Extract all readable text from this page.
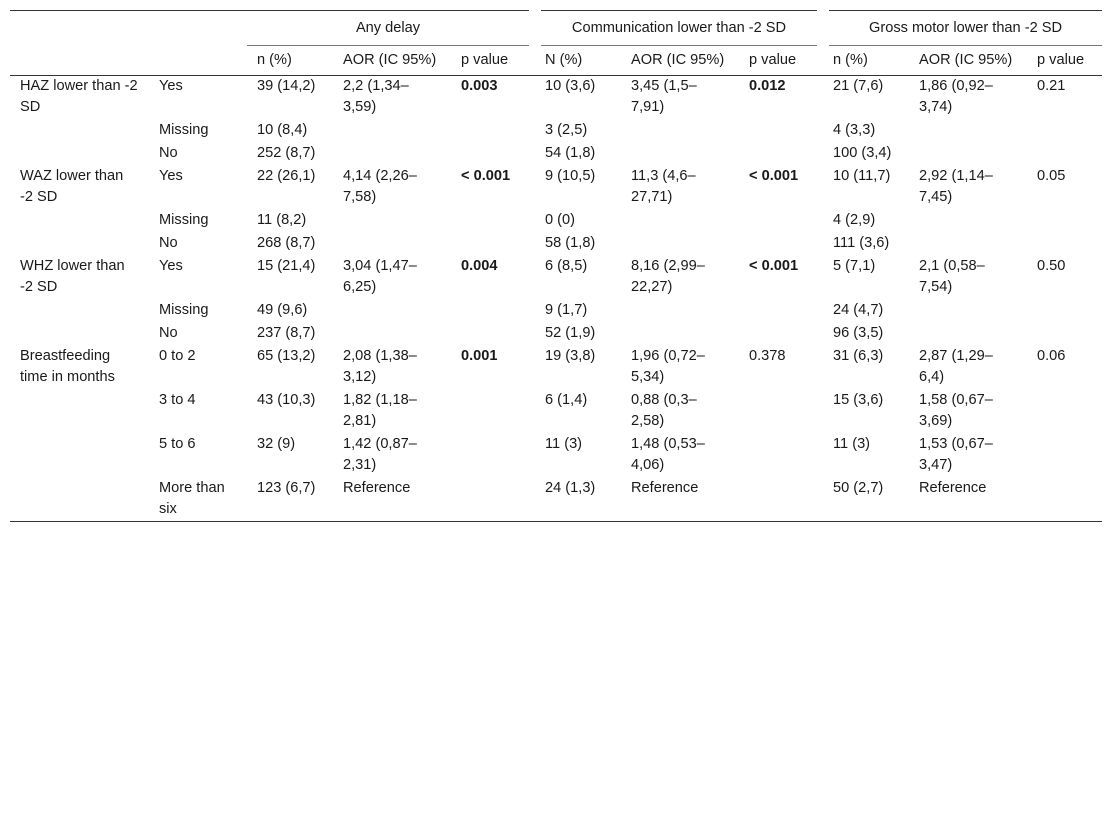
		Any delay			Communication lower than -2 SD			Gross motor lower than -2 SD		
		n (%)	AOR (IC 95%)	p value	N (%)	AOR (IC 95%)	p value	n (%)	AOR (IC 95%)	p value
HAZ lower than -2 SD	Yes	39 (14,2)	2,2 (1,34–3,59)	0.003	10 (3,6)	3,45 (1,5–7,91)	0.012	21 (7,6)	1,86 (0,92–3,74)	0.21
	Missing	10 (8,4)			3 (2,5)			4 (3,3)		
	No	252 (8,7)			54 (1,8)			100 (3,4)		
WAZ lower than -2 SD	Yes	22 (26,1)	4,14 (2,26–7,58)	< 0.001	9 (10,5)	11,3 (4,6–27,71)	< 0.001	10 (11,7)	2,92 (1,14–7,45)	0.05
	Missing	11 (8,2)			0 (0)			4 (2,9)		
	No	268 (8,7)			58 (1,8)			111 (3,6)		
WHZ lower than -2 SD	Yes	15 (21,4)	3,04 (1,47–6,25)	0.004	6 (8,5)	8,16 (2,99–22,27)	< 0.001	5 (7,1)	2,1 (0,58–7,54)	0.50
	Missing	49 (9,6)			9 (1,7)			24 (4,7)		
	No	237 (8,7)			52 (1,9)			96 (3,5)		
Breastfeeding time in months	0 to 2	65 (13,2)	2,08 (1,38–3,12)	0.001	19 (3,8)	1,96 (0,72–5,34)	0.378	31 (6,3)	2,87 (1,29–6,4)	0.06
	3 to 4	43 (10,3)	1,82 (1,18–2,81)		6 (1,4)	0,88 (0,3–2,58)		15 (3,6)	1,58 (0,67–3,69)	
	5 to 6	32 (9)	1,42 (0,87–2,31)		11 (3)	1,48 (0,53–4,06)		11 (3)	1,53 (0,67–3,47)	
	More than six	123 (6,7)	Reference		24 (1,3)	Reference		50 (2,7)	Reference	
